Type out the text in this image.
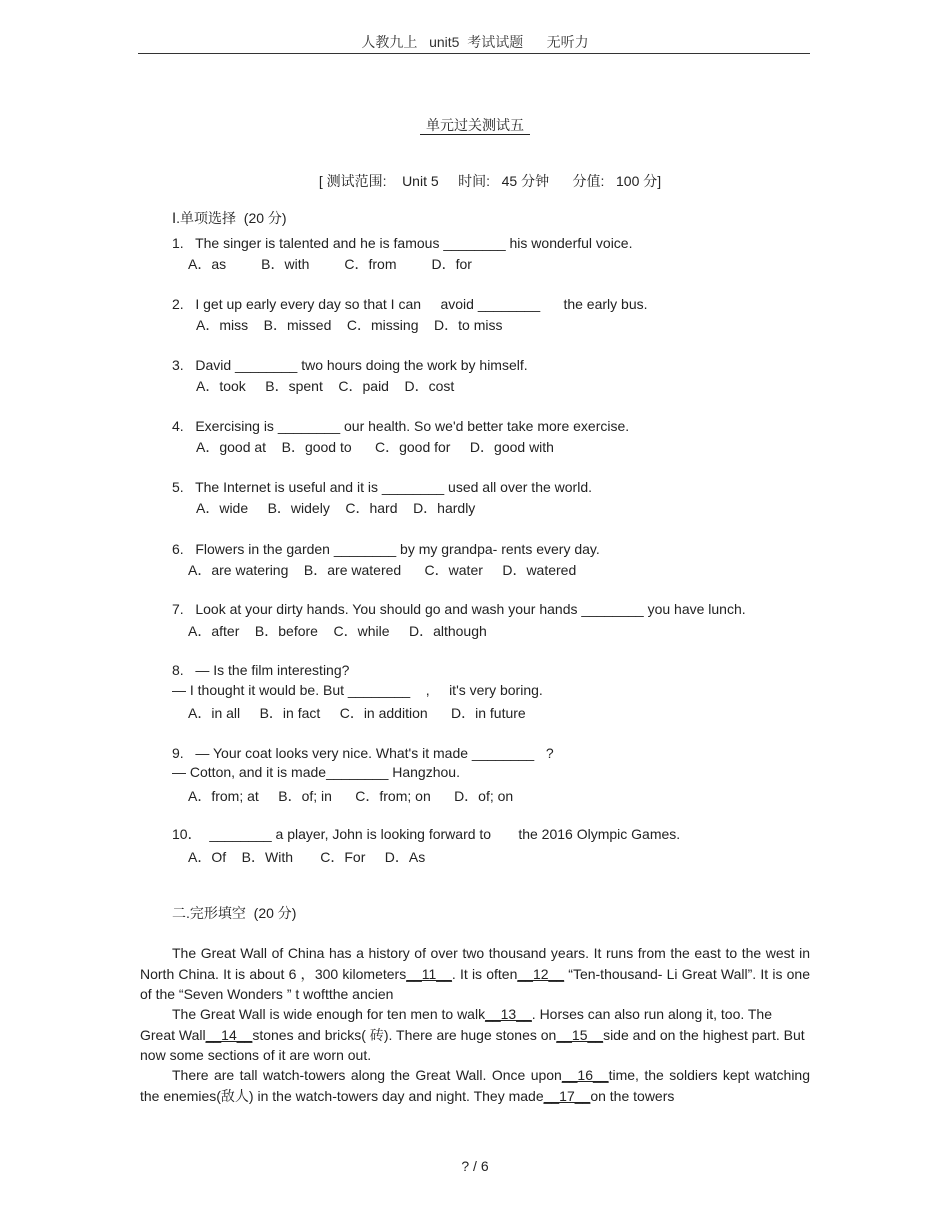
人教九上   unit5  考试试题      无听力
单元过关测试五
[ 测试范围:    Unit 5     时间:   45 分钟      分值:   100 分]
Ⅰ.单项选择  (20 分)
1.   The singer is talented and he is famous ________ his wonderful voice.
A．as         B．with         C．from         D．for
2.   I get up early every day so that I can     avoid ________      the early bus.
A．miss    B．missed    C．missing    D．to miss
3.   David ________ two hours doing the work by himself.
A．took     B．spent    C．paid    D．cost
4.   Exercising is ________ our health. So we'd better take more exercise.
A．good at    B．good to      C．good for     D．good with
5.   The Internet is useful and it is ________ used all over the world.
A．wide     B．widely    C．hard    D．hardly
6.   Flowers in the garden ________ by my grandpa- rents every day.
A．are watering    B．are watered      C．water     D．watered
7.   Look at your dirty hands. You should go and wash your hands ________ you have lunch.
A．after    B．before    C．while     D．although
8.   — Is the film interesting?
— I thought it would be. But ________    ,     it's very boring.
A．in all     B．in fact     C．in addition      D．in future
9.   — Your coat looks very nice. What's it made ________   ?
— Cotton, and it is made________ Hangzhou.
A．from; at     B．of; in      C．from; on      D．of; on
10．  ________ a player, John is looking forward to       the 2016 Olympic Games.
A．Of    B．With       C．For     D．As
二.完形填空  (20 分)
The Great Wall of China has a history of over two thousand years. It runs from the east to the west in North China. It is about 6 ，300 kilometers__11__. It is often__12__ “Ten-thousand- Li Great Wall”. It is one of the “Seven Wonders ” t woftthe ancien
The Great Wall is wide enough for ten men to walk__13__. Horses can also run along it, too. The Great Wall__14__stones and bricks( 砖). There are huge stones on__15__side and on the highest part. But now some sections of it are worn out.
There are tall watch-towers along the Great Wall. Once upon__16__time, the soldiers kept watching the enemies(敌人) in the watch-towers day and night. They made__17__on the towers
? / 6
